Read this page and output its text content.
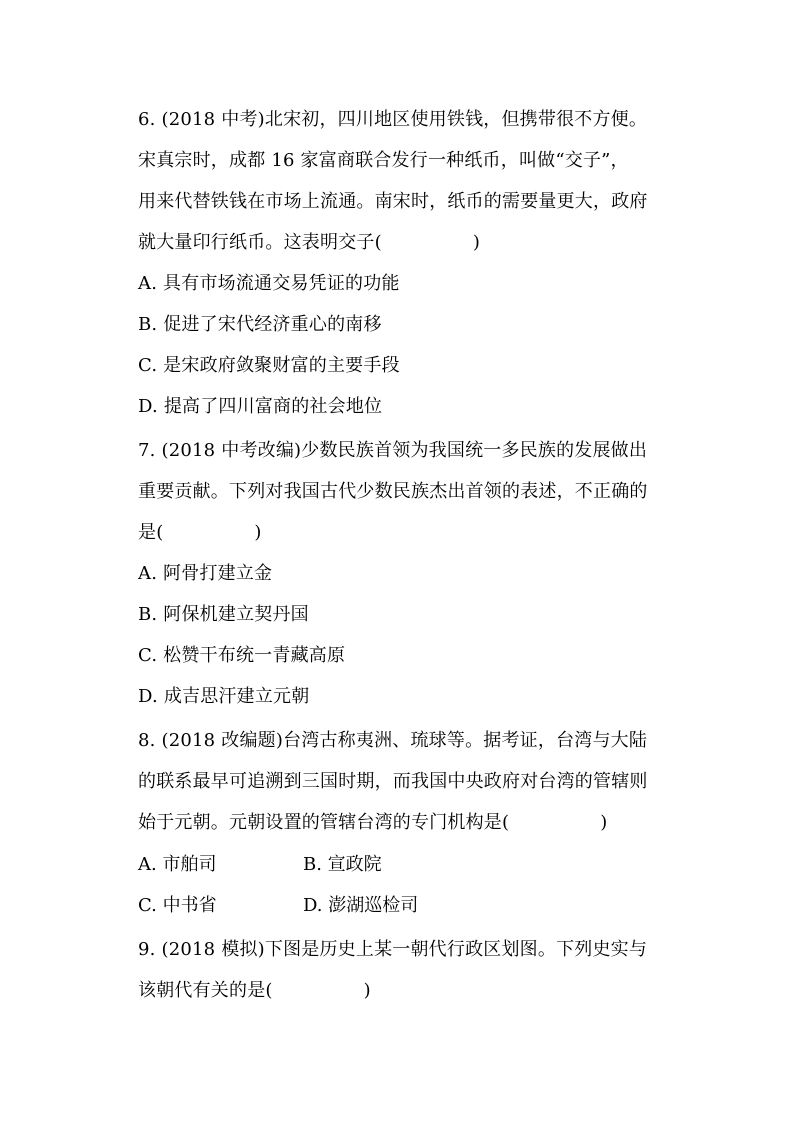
6. (2018 中考)北宋初，四川地区使用铁钱，但携带很不方便。
宋真宗时，成都 16 家富商联合发行一种纸币，叫做“交子”，
用来代替铁钱在市场上流通。南宋时，纸币的需要量更大，政府
就大量印行纸币。这表明交子(　　　　　)
A. 具有市场流通交易凭证的功能
B. 促进了宋代经济重心的南移
C. 是宋政府敛聚财富的主要手段
D. 提高了四川富商的社会地位
7. (2018 中考改编)少数民族首领为我国统一多民族的发展做出
重要贡献。下列对我国古代少数民族杰出首领的表述，不正确的
是(　　　　　)
A. 阿骨打建立金
B. 阿保机建立契丹国
C. 松赞干布统一青藏高原
D. 成吉思汗建立元朝
8. (2018 改编题)台湾古称夷洲、琉球等。据考证，台湾与大陆
的联系最早可追溯到三国时期，而我国中央政府对台湾的管辖则
始于元朝。元朝设置的管辖台湾的专门机构是(　　　　　)
A. 市舶司	B. 宣政院
C. 中书省	D. 澎湖巡检司
9. (2018 模拟)下图是历史上某一朝代行政区划图。下列史实与
该朝代有关的是(　　　　　)
